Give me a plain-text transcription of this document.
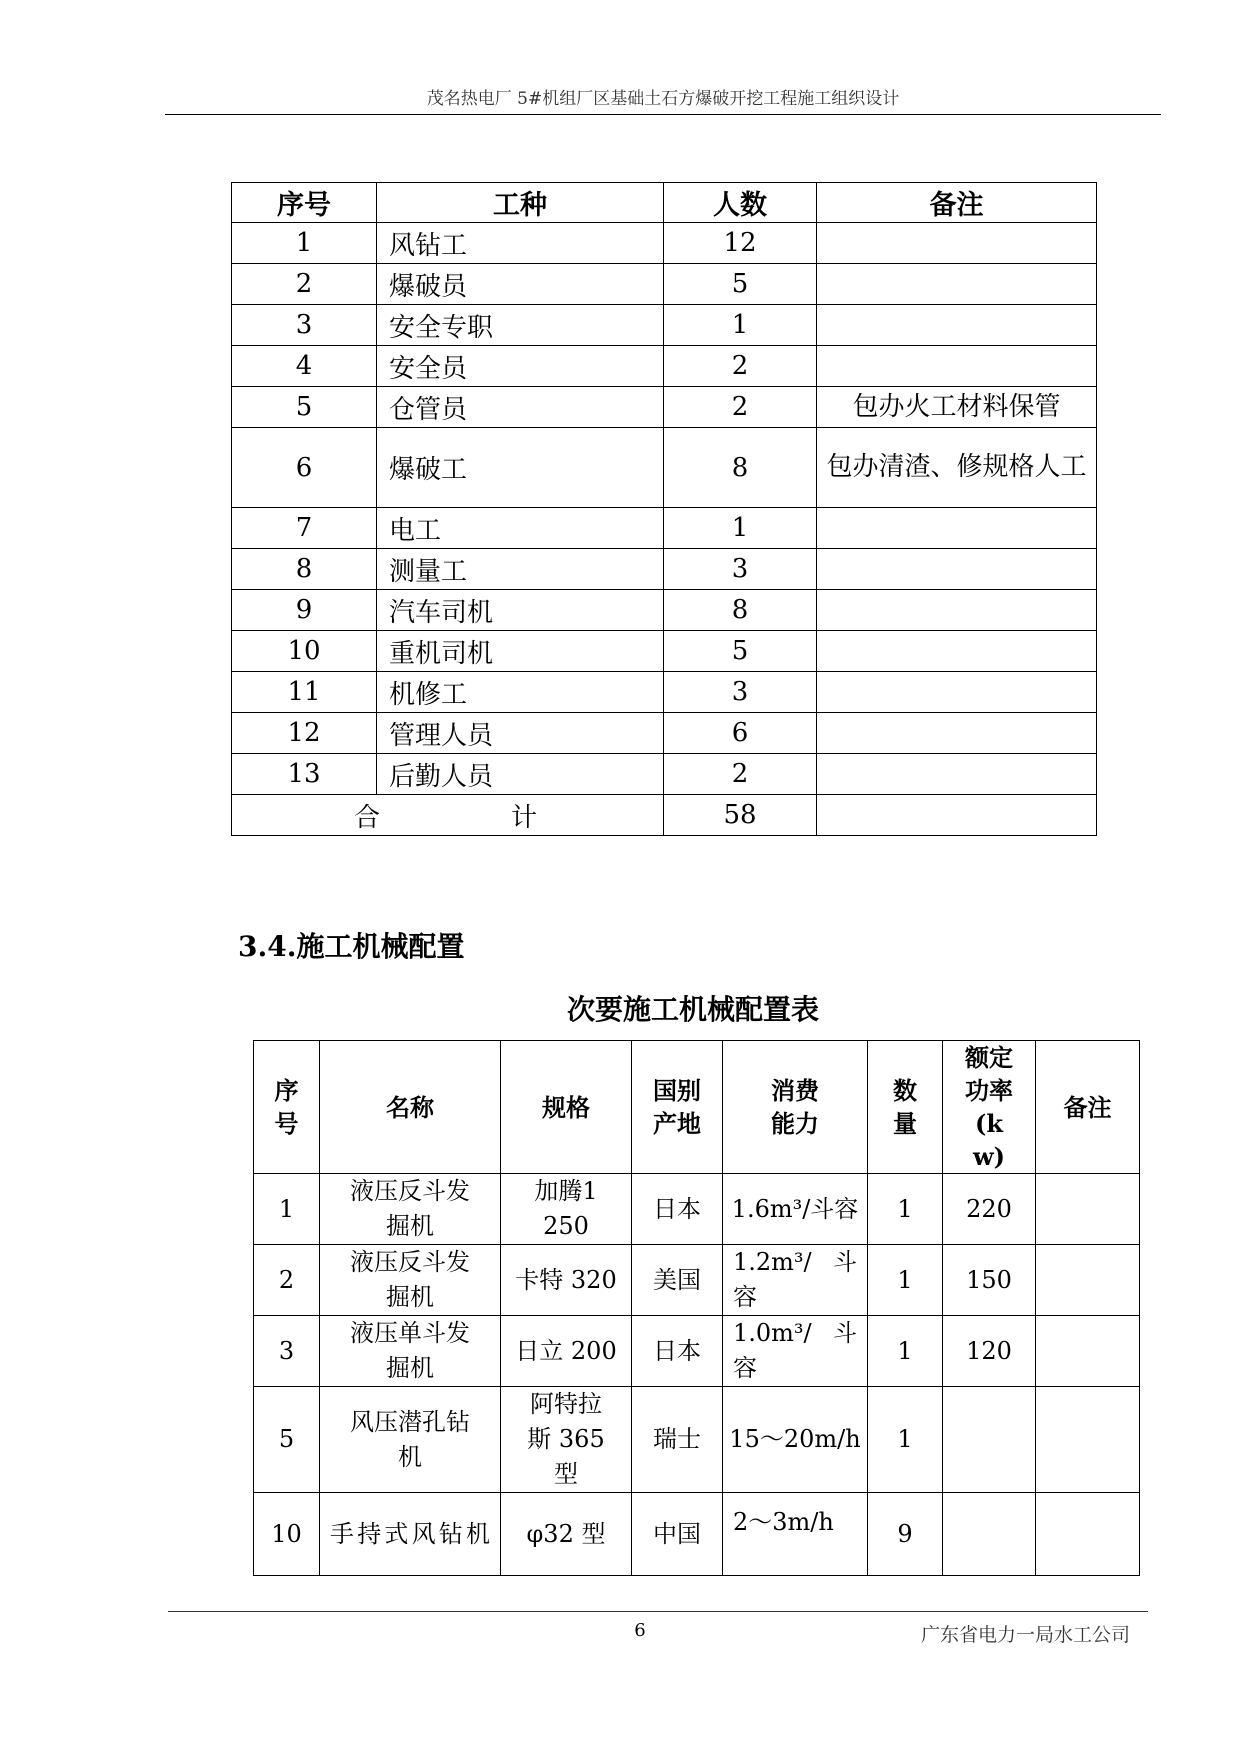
茂名热电厂 5#机组厂区基础土石方爆破开挖工程施工组织设计
序号	工种	人数	备注
1	风钻工	12	
2	爆破员	5	
3	安全专职	1	
4	安全员	2	
5	仓管员	2	包办火工材料保管
6	爆破工	8	包办清渣、修规格人工
7	电工	1	
8	测量工	3	
9	汽车司机	8	
10	重机司机	5	
11	机修工	3	
12	管理人员	6	
13	后勤人员	2	

合 计		58	
3.4.施工机械配置
次要施工机械配置表
序号	名称	规格	国别产地	消费能力	数量	额定功率(kw)	备注
1	液压反斗发掘机	加腾1250	日本	1.6m³/斗容	1	220	
2	液压反斗发掘机	卡特 320	美国	1.2m³/ 斗容	1	150	
3	液压单斗发掘机	日立 200	日本	1.0m³/ 斗容	1	120	
5	风压潜孔钻机	阿特拉斯 365 型	瑞士	15～20m/h	1		
10	手持式风钻机	φ32 型	中国	2～3m/h	9		
6	广东省电力一局水工公司
